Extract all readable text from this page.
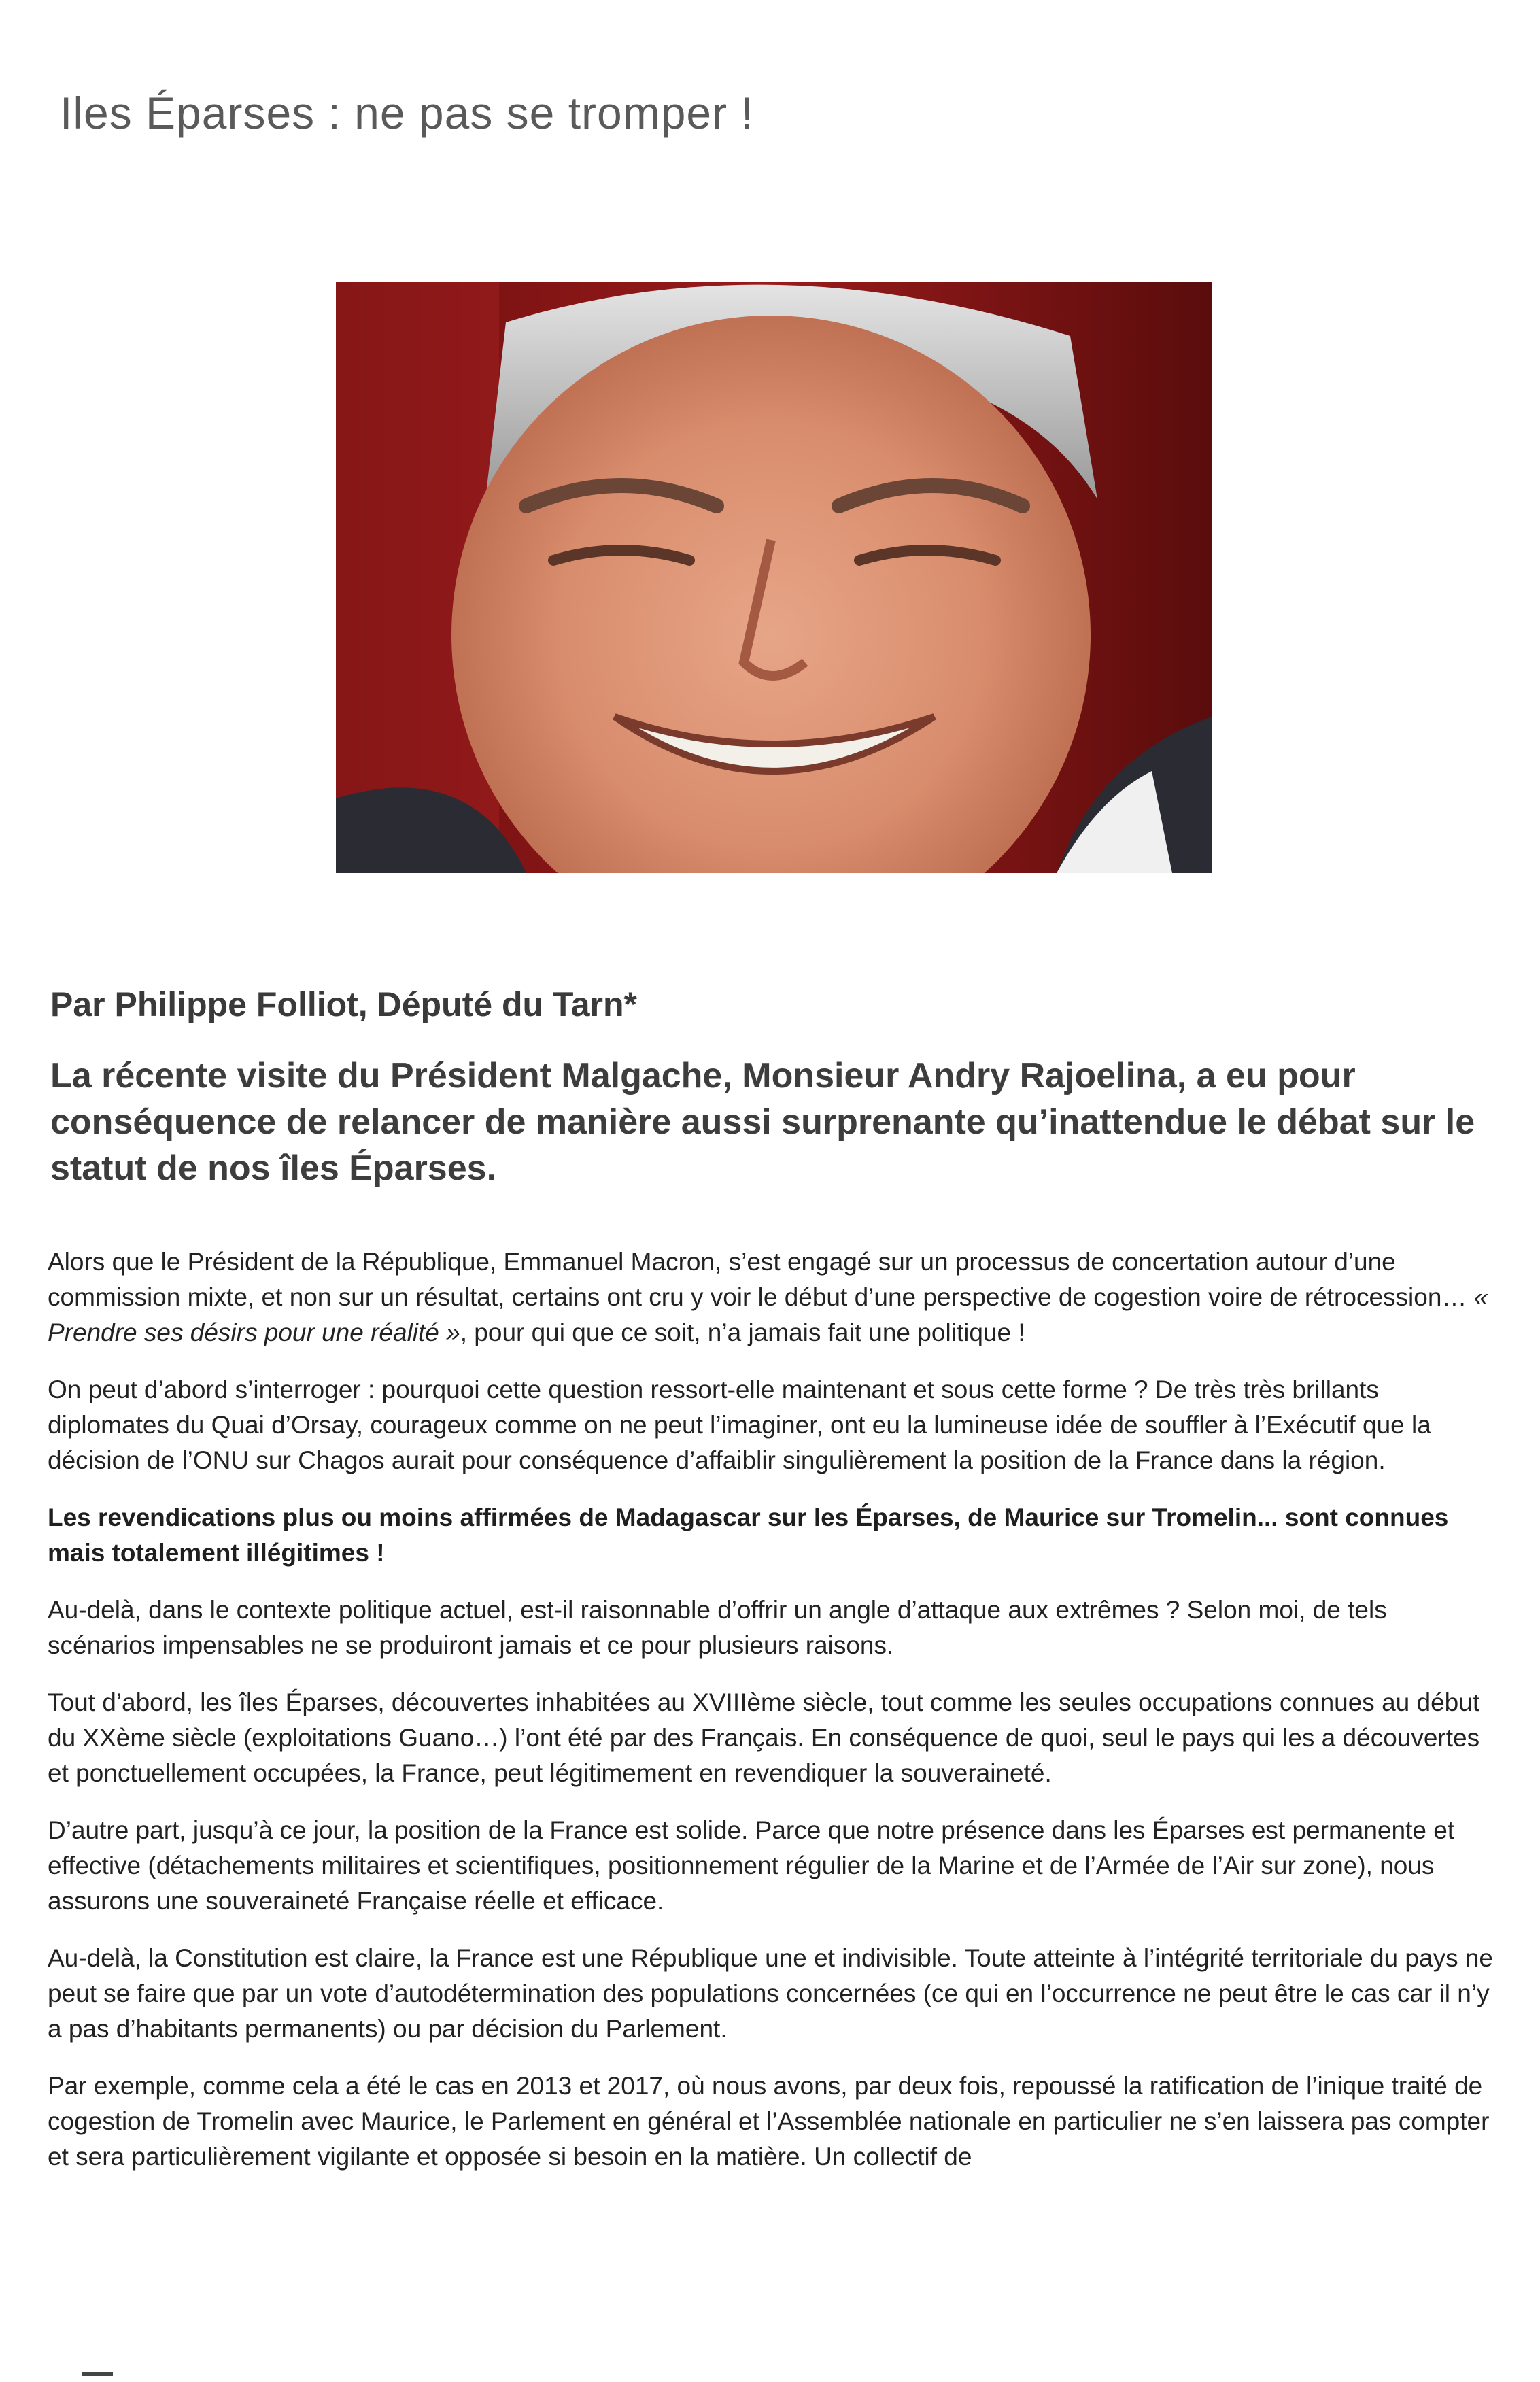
Iles Éparses : ne pas se tromper !
Par Philippe Folliot, Député du Tarn*
La récente visite du Président Malgache, Monsieur Andry Rajoelina, a eu pour conséquence de relancer de manière aussi surprenante qu’inattendue le débat sur le statut de nos îles Éparses.

Alors que le Président de la République, Emmanuel Macron, s’est engagé sur un processus de concertation autour d’une commission mixte, et non sur un résultat, certains ont cru y voir le début d’une perspective de cogestion voire de rétrocession… « Prendre ses désirs pour une réalité », pour qui que ce soit, n’a jamais fait une politique !

On peut d’abord s’interroger : pourquoi cette question ressort-elle maintenant et sous cette forme ? De très très brillants diplomates du Quai d’Orsay, courageux comme on ne peut l’imaginer, ont eu la lumineuse idée de souffler à l’Exécutif que la décision de l’ONU sur Chagos aurait pour conséquence d’affaiblir singulièrement la position de la France dans la région.

Les revendications plus ou moins affirmées de Madagascar sur les Éparses, de Maurice sur Tromelin... sont connues mais totalement illégitimes !

Au-delà, dans le contexte politique actuel, est-il raisonnable d’offrir un angle d’attaque aux extrêmes ? Selon moi, de tels scénarios impensables ne se produiront jamais et ce pour plusieurs raisons.

Tout d’abord, les îles Éparses, découvertes inhabitées au XVIIIème siècle, tout comme les seules occupations connues au début du XXème siècle (exploitations Guano…) l’ont été par des Français. En conséquence de quoi, seul le pays qui les a découvertes et ponctuellement occupées, la France, peut légitimement en revendiquer la souveraineté.

D’autre part, jusqu’à ce jour, la position de la France est solide. Parce que notre présence dans les Éparses est permanente et effective (détachements militaires et scientifiques, positionnement régulier de la Marine et de l’Armée de l’Air sur zone), nous assurons une souveraineté Française réelle et efficace.

Au-delà, la Constitution est claire, la France est une République une et indivisible. Toute atteinte à l’intégrité territoriale du pays ne peut se faire que par un vote d’autodétermination des populations concernées (ce qui en l’occurrence ne peut être le cas car il n’y a pas d’habitants permanents) ou par décision du Parlement.

Par exemple, comme cela a été le cas en 2013 et 2017, où nous avons, par deux fois, repoussé la ratification de l’inique traité de cogestion de Tromelin avec Maurice, le Parlement en général et l’Assemblée nationale en particulier ne s’en laissera pas compter et sera particulièrement vigilante et opposée si besoin en la matière. Un collectif de
